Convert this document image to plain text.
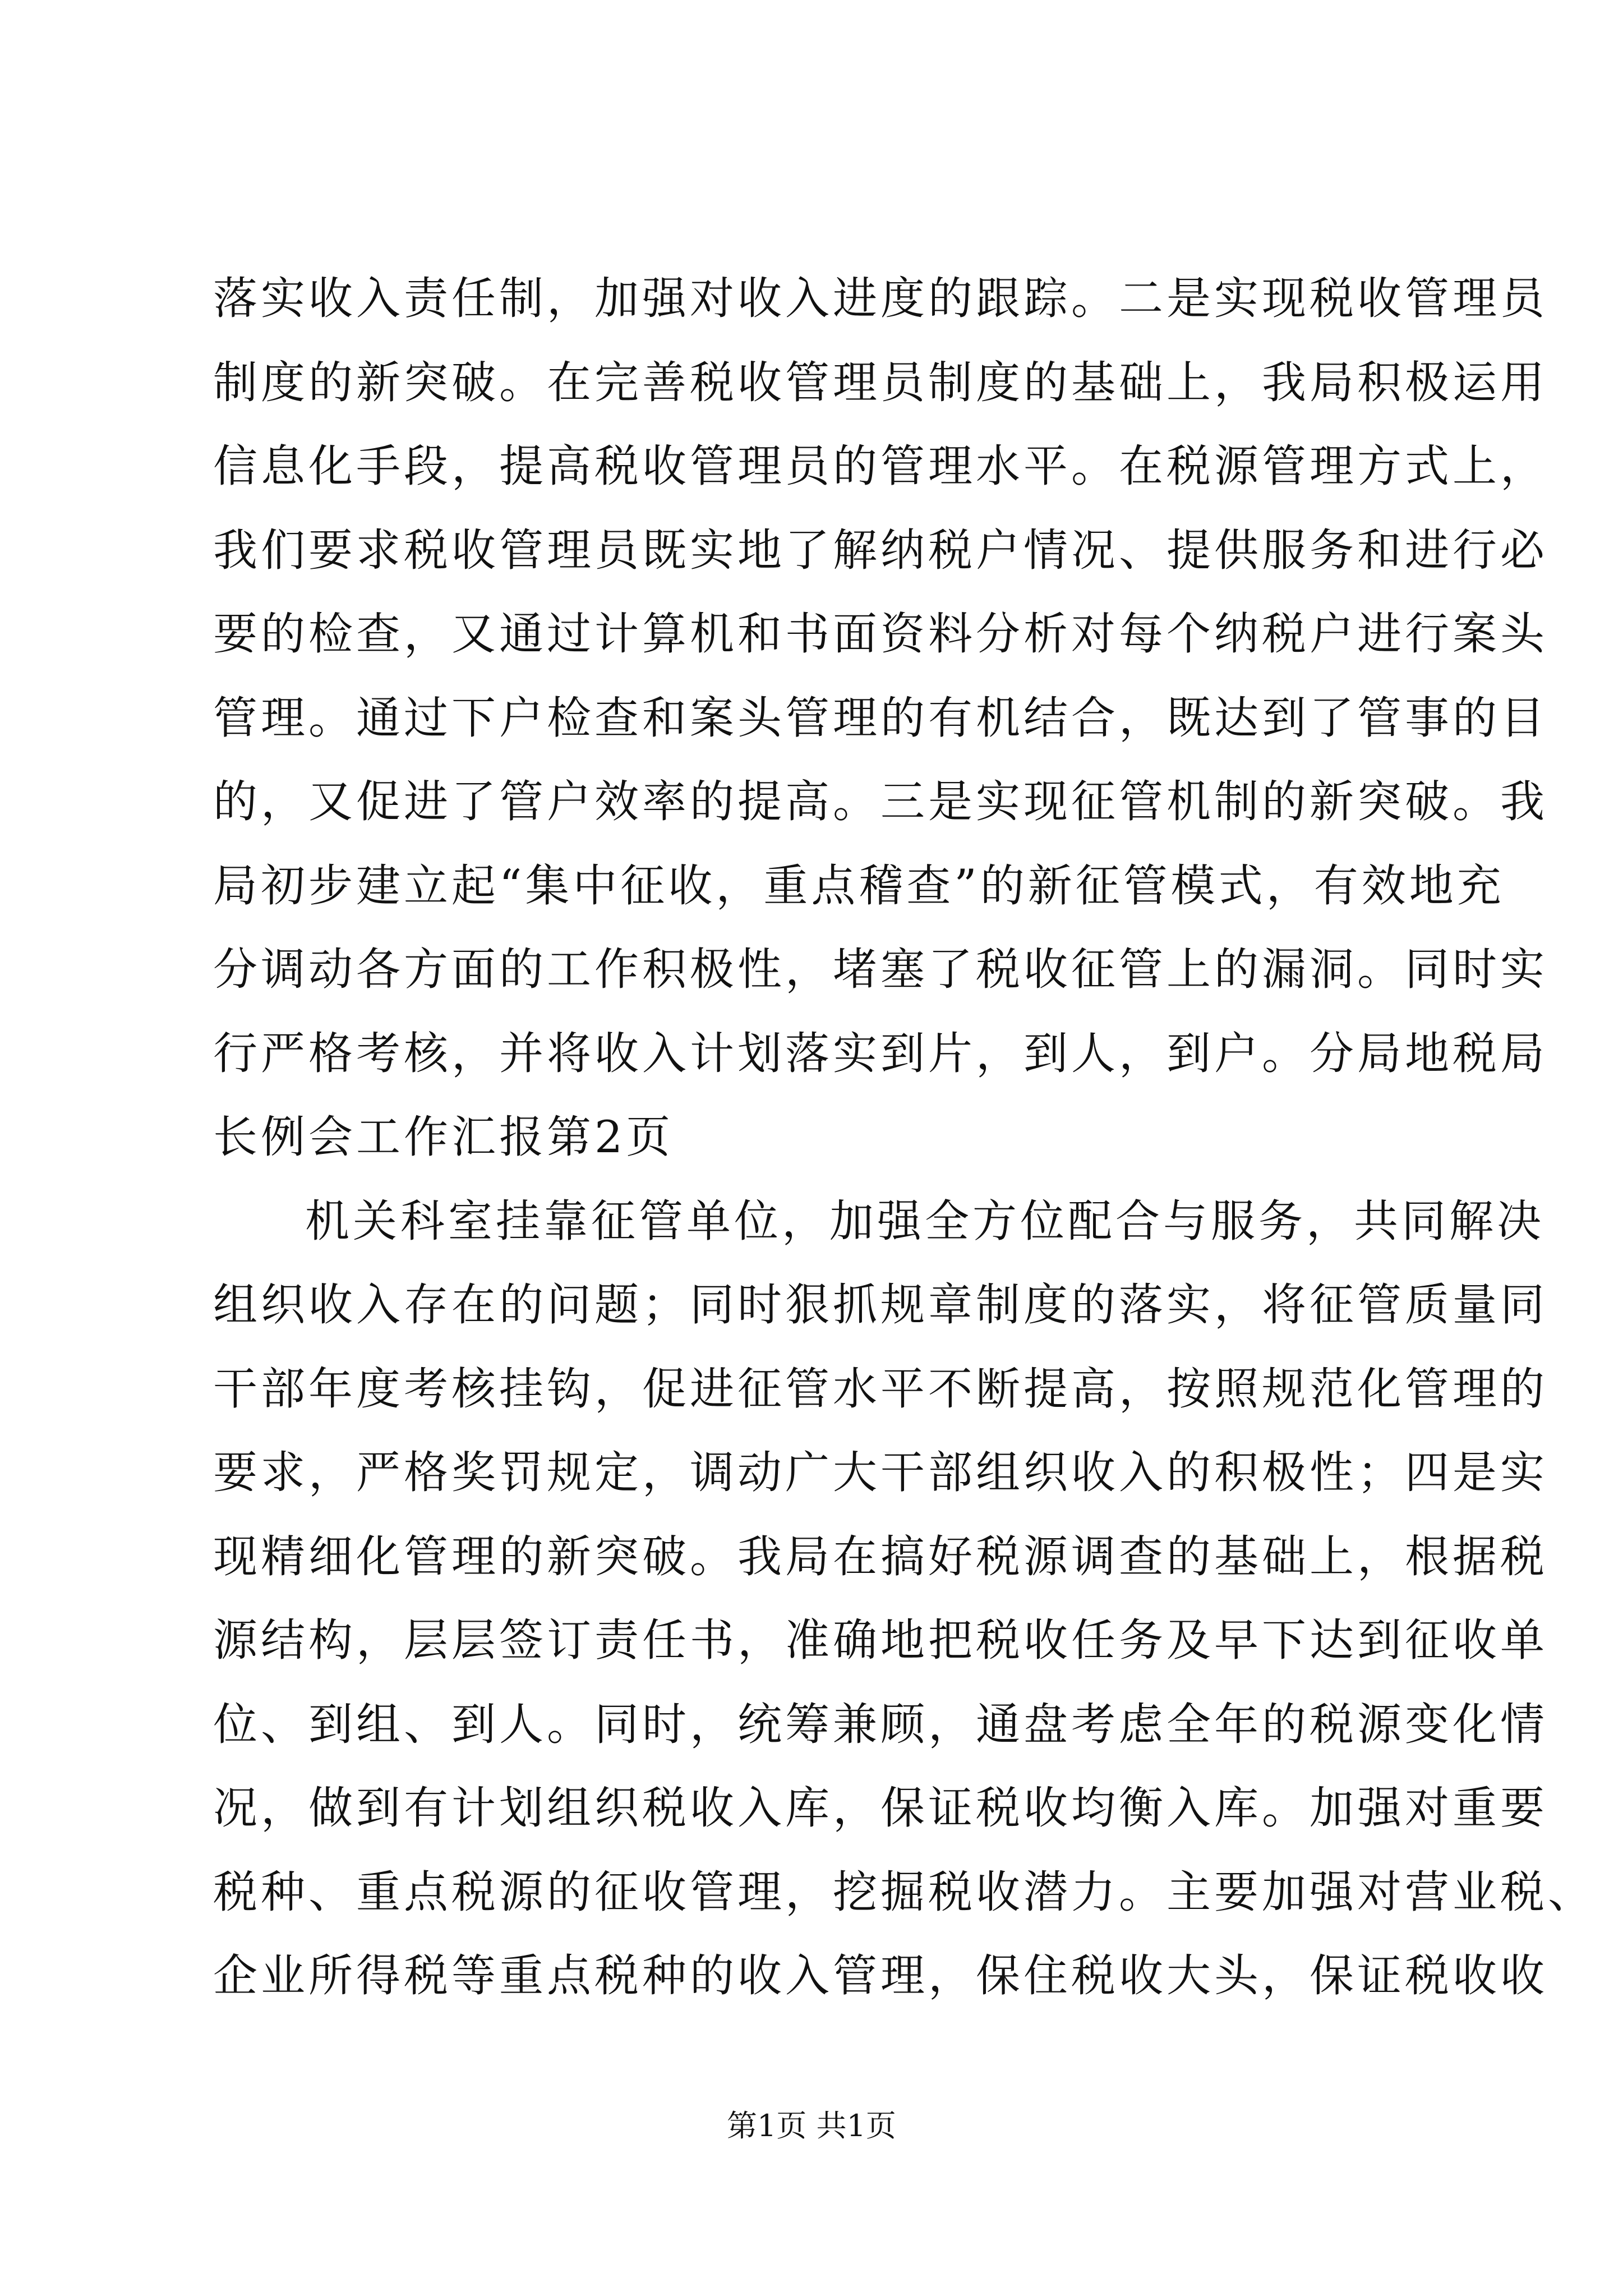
落实收入责任制，加强对收入进度的跟踪。二是实现税收管理员
制度的新突破。在完善税收管理员制度的基础上，我局积极运用
信息化手段，提高税收管理员的管理水平。在税源管理方式上，
我们要求税收管理员既实地了解纳税户情况、提供服务和进行必
要的检查，又通过计算机和书面资料分析对每个纳税户进行案头
管理。通过下户检查和案头管理的有机结合，既达到了管事的目
的，又促进了管户效率的提高。三是实现征管机制的新突破。我
局初步建立起“集中征收，重点稽查”的新征管模式，有效地充
分调动各方面的工作积极性，堵塞了税收征管上的漏洞。同时实
行严格考核，并将收入计划落实到片，到人，到户。分局地税局
长例会工作汇报第2页
机关科室挂靠征管单位，加强全方位配合与服务，共同解决
组织收入存在的问题；同时狠抓规章制度的落实，将征管质量同
干部年度考核挂钩，促进征管水平不断提高，按照规范化管理的
要求，严格奖罚规定，调动广大干部组织收入的积极性；四是实
现精细化管理的新突破。我局在搞好税源调查的基础上，根据税
源结构，层层签订责任书，准确地把税收任务及早下达到征收单
位、到组、到人。同时，统筹兼顾，通盘考虑全年的税源变化情
况，做到有计划组织税收入库，保证税收均衡入库。加强对重要
税种、重点税源的征收管理，挖掘税收潜力。主要加强对营业税、
企业所得税等重点税种的收入管理，保住税收大头，保证税收收
第1页 共1页
